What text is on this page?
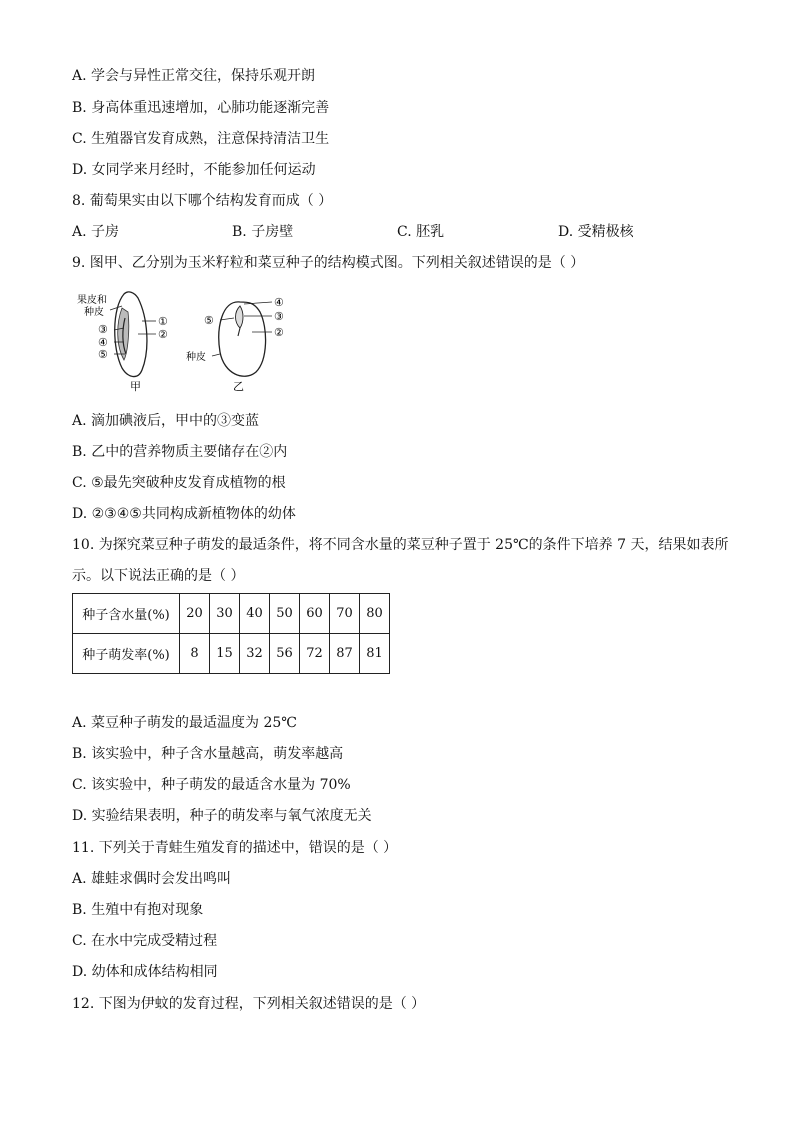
A. 学会与异性正常交往，保持乐观开朗
B. 身高体重迅速增加，心肺功能逐渐完善
C. 生殖器官发育成熟，注意保持清洁卫生
D. 女同学来月经时，不能参加任何运动
8. 葡萄果实由以下哪个结构发育而成（ ）
A. 子房	B. 子房壁	C. 胚乳	D. 受精极核
9. 图甲、乙分别为玉米籽粒和菜豆种子的结构模式图。下列相关叙述错误的是（ ）
果皮和
种皮
①
②
③
④
⑤
甲
④
③
②
⑤
种皮
乙
A. 滴加碘液后，甲中的③变蓝
B. 乙中的营养物质主要储存在②内
C. ⑤最先突破种皮发育成植物的根
D. ②③④⑤共同构成新植物体的幼体
10. 为探究菜豆种子萌发的最适条件，将不同含水量的菜豆种子置于 25℃的条件下培养 7 天，结果如表所
示。以下说法正确的是（ ）
种子含水量(%)	20	30	40	50	60	70	80
种子萌发率(%)	8	15	32	56	72	87	81
A. 菜豆种子萌发的最适温度为 25℃
B. 该实验中，种子含水量越高，萌发率越高
C. 该实验中，种子萌发的最适含水量为 70%
D. 实验结果表明，种子的萌发率与氧气浓度无关
11. 下列关于青蛙生殖发育的描述中，错误的是（ ）
A. 雄蛙求偶时会发出鸣叫
B. 生殖中有抱对现象
C. 在水中完成受精过程
D. 幼体和成体结构相同
12. 下图为伊蚊的发育过程，下列相关叙述错误的是（ ）
